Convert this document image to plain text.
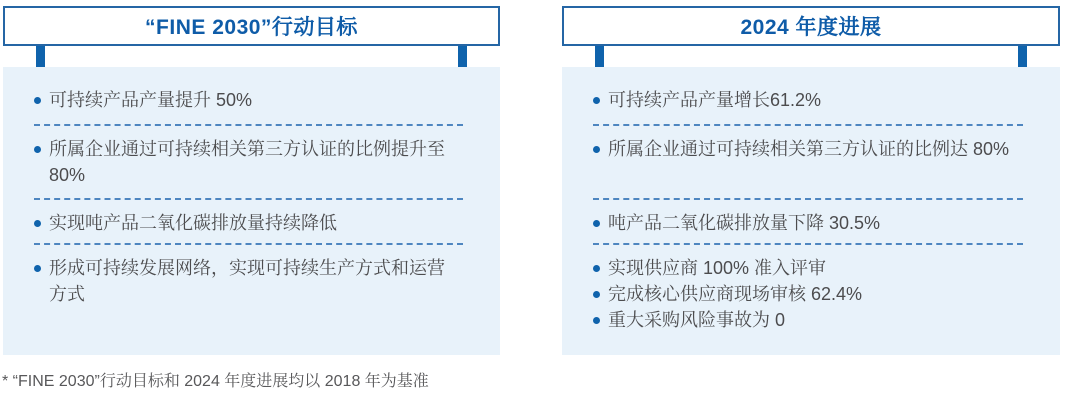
“FINE 2030”行动目标
可持续产品产量提升 50%
所属企业通过可持续相关第三方认证的比例提升至 80%
实现吨产品二氧化碳排放量持续降低
形成可持续发展网络，实现可持续生产方式和运营方式
2024 年度进展
可持续产品产量增长61.2%
所属企业通过可持续相关第三方认证的比例达 80%
吨产品二氧化碳排放量下降 30.5%
实现供应商 100% 准入评审
完成核心供应商现场审核 62.4%
重大采购风险事故为 0

* “FINE 2030”行动目标和 2024 年度进展均以 2018 年为基准
